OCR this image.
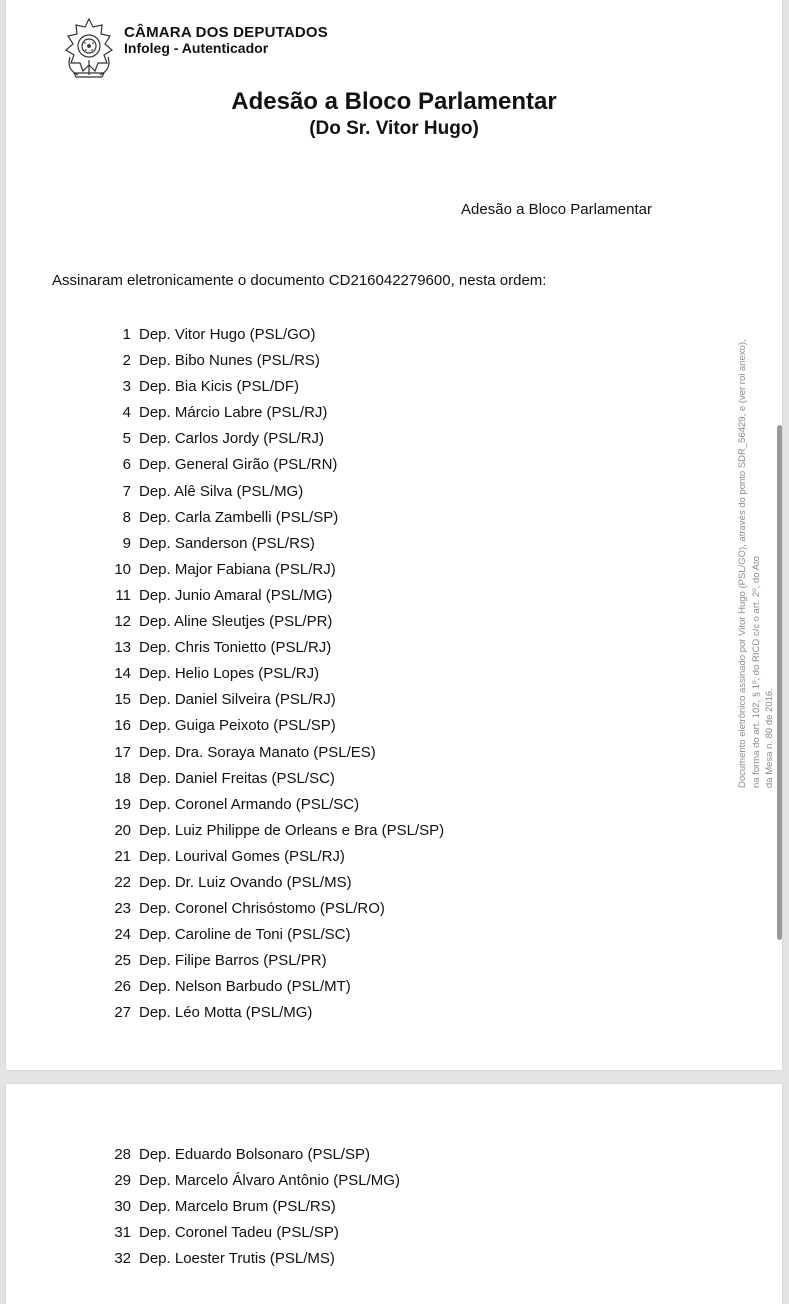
CÂMARA DOS DEPUTADOS
Infoleg - Autenticador
Adesão a Bloco Parlamentar
(Do Sr. Vitor Hugo)
Adesão a Bloco Parlamentar
Assinaram eletronicamente o documento CD216042279600, nesta ordem:
1 Dep. Vitor Hugo (PSL/GO)
2 Dep. Bibo Nunes (PSL/RS)
3 Dep. Bia Kicis (PSL/DF)
4 Dep. Márcio Labre (PSL/RJ)
5 Dep. Carlos Jordy (PSL/RJ)
6 Dep. General Girão (PSL/RN)
7 Dep. Alê Silva (PSL/MG)
8 Dep. Carla Zambelli (PSL/SP)
9 Dep. Sanderson (PSL/RS)
10 Dep. Major Fabiana (PSL/RJ)
11 Dep. Junio Amaral (PSL/MG)
12 Dep. Aline Sleutjes (PSL/PR)
13 Dep. Chris Tonietto (PSL/RJ)
14 Dep. Helio Lopes (PSL/RJ)
15 Dep. Daniel Silveira (PSL/RJ)
16 Dep. Guiga Peixoto (PSL/SP)
17 Dep. Dra. Soraya Manato (PSL/ES)
18 Dep. Daniel Freitas (PSL/SC)
19 Dep. Coronel Armando (PSL/SC)
20 Dep. Luiz Philippe de Orleans e Bra (PSL/SP)
21 Dep. Lourival Gomes (PSL/RJ)
22 Dep. Dr. Luiz Ovando (PSL/MS)
23 Dep. Coronel Chrisóstomo (PSL/RO)
24 Dep. Caroline de Toni (PSL/SC)
25 Dep. Filipe Barros (PSL/PR)
26 Dep. Nelson Barbudo (PSL/MT)
27 Dep. Léo Motta (PSL/MG)
Documento eletrônico assinado por Vitor Hugo (PSL/GO), através do ponto SDR_56429, e (ver rol anexo), na forma do art. 102, § 1º, do RICD c/c o art. 2º, do Ato da Mesa n. 80 de 2016.
28 Dep. Eduardo Bolsonaro (PSL/SP)
29 Dep. Marcelo Álvaro Antônio (PSL/MG)
30 Dep. Marcelo Brum (PSL/RS)
31 Dep. Coronel Tadeu (PSL/SP)
32 Dep. Loester Trutis (PSL/MS)
